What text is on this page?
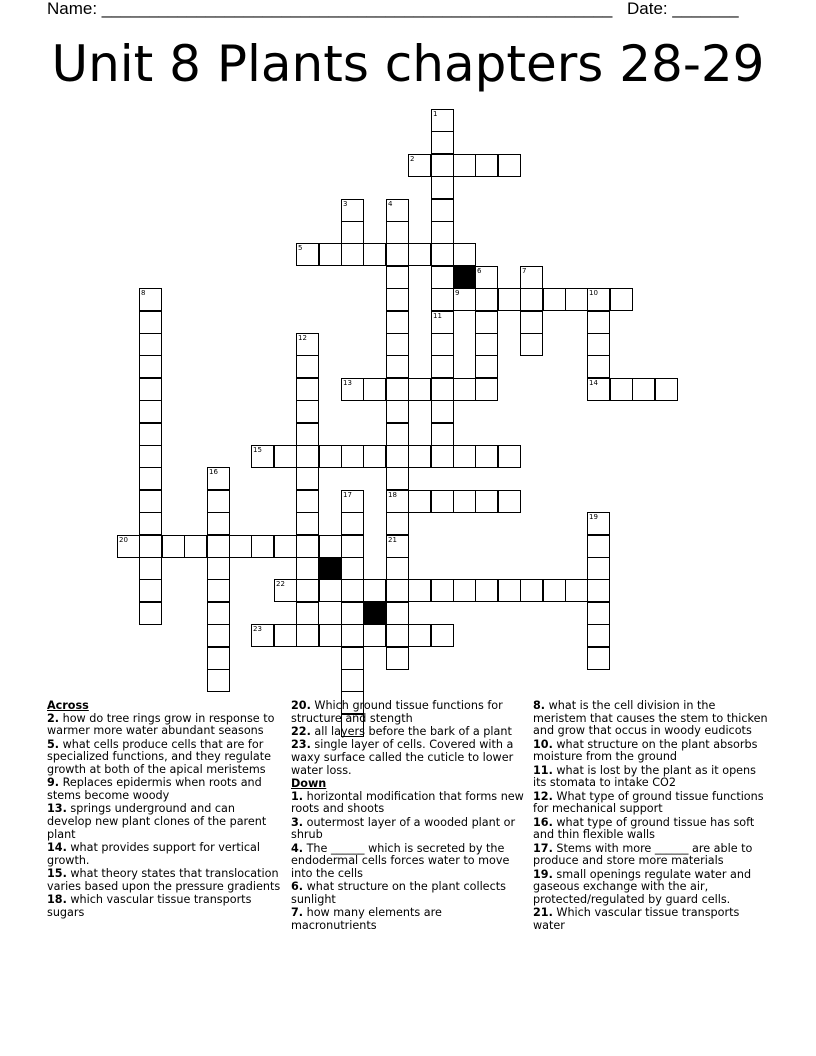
Name: ______________________________________________________ Date: _______
Unit 8 Plants chapters 28-29
2
5
9	10
13	14
15
18
20
22
23
1
11
3	4
21
6	7
8
12
16
17
19
Across
2. how do tree rings grow in response to warmer more water abundant seasons
5. what cells produce cells that are for specialized functions, and they regulate growth at both of the apical meristems
9. Replaces epidermis when roots and stems become woody
13. springs underground and can develop new plant clones of the parent plant
14. what provides support for vertical growth.
15. what theory states that translocation varies based upon the pressure gradients
18. which vascular tissue transports sugars
20. Which ground tissue functions for structure and stength
22. all layers before the bark of a plant
23. single layer of cells. Covered with a waxy surface called the cuticle to lower water loss.
Down
1. horizontal modification that forms new roots and shoots
3. outermost layer of a wooded plant or shrub
4. The ______ which is secreted by the endodermal cells forces water to move into the cells
6. what structure on the plant collects sunlight
7. how many elements are macronutrients
8. what is the cell division in the meristem that causes the stem to thicken and grow that occus in woody eudicots
10. what structure on the plant absorbs moisture from the ground
11. what is lost by the plant as it opens its stomata to intake CO2
12. What type of ground tissue functions for mechanical support
16. what type of ground tissue has soft and thin flexible walls
17. Stems with more ______ are able to produce and store more materials
19. small openings regulate water and gaseous exchange with the air, protected/regulated by guard cells.
21. Which vascular tissue transports water
